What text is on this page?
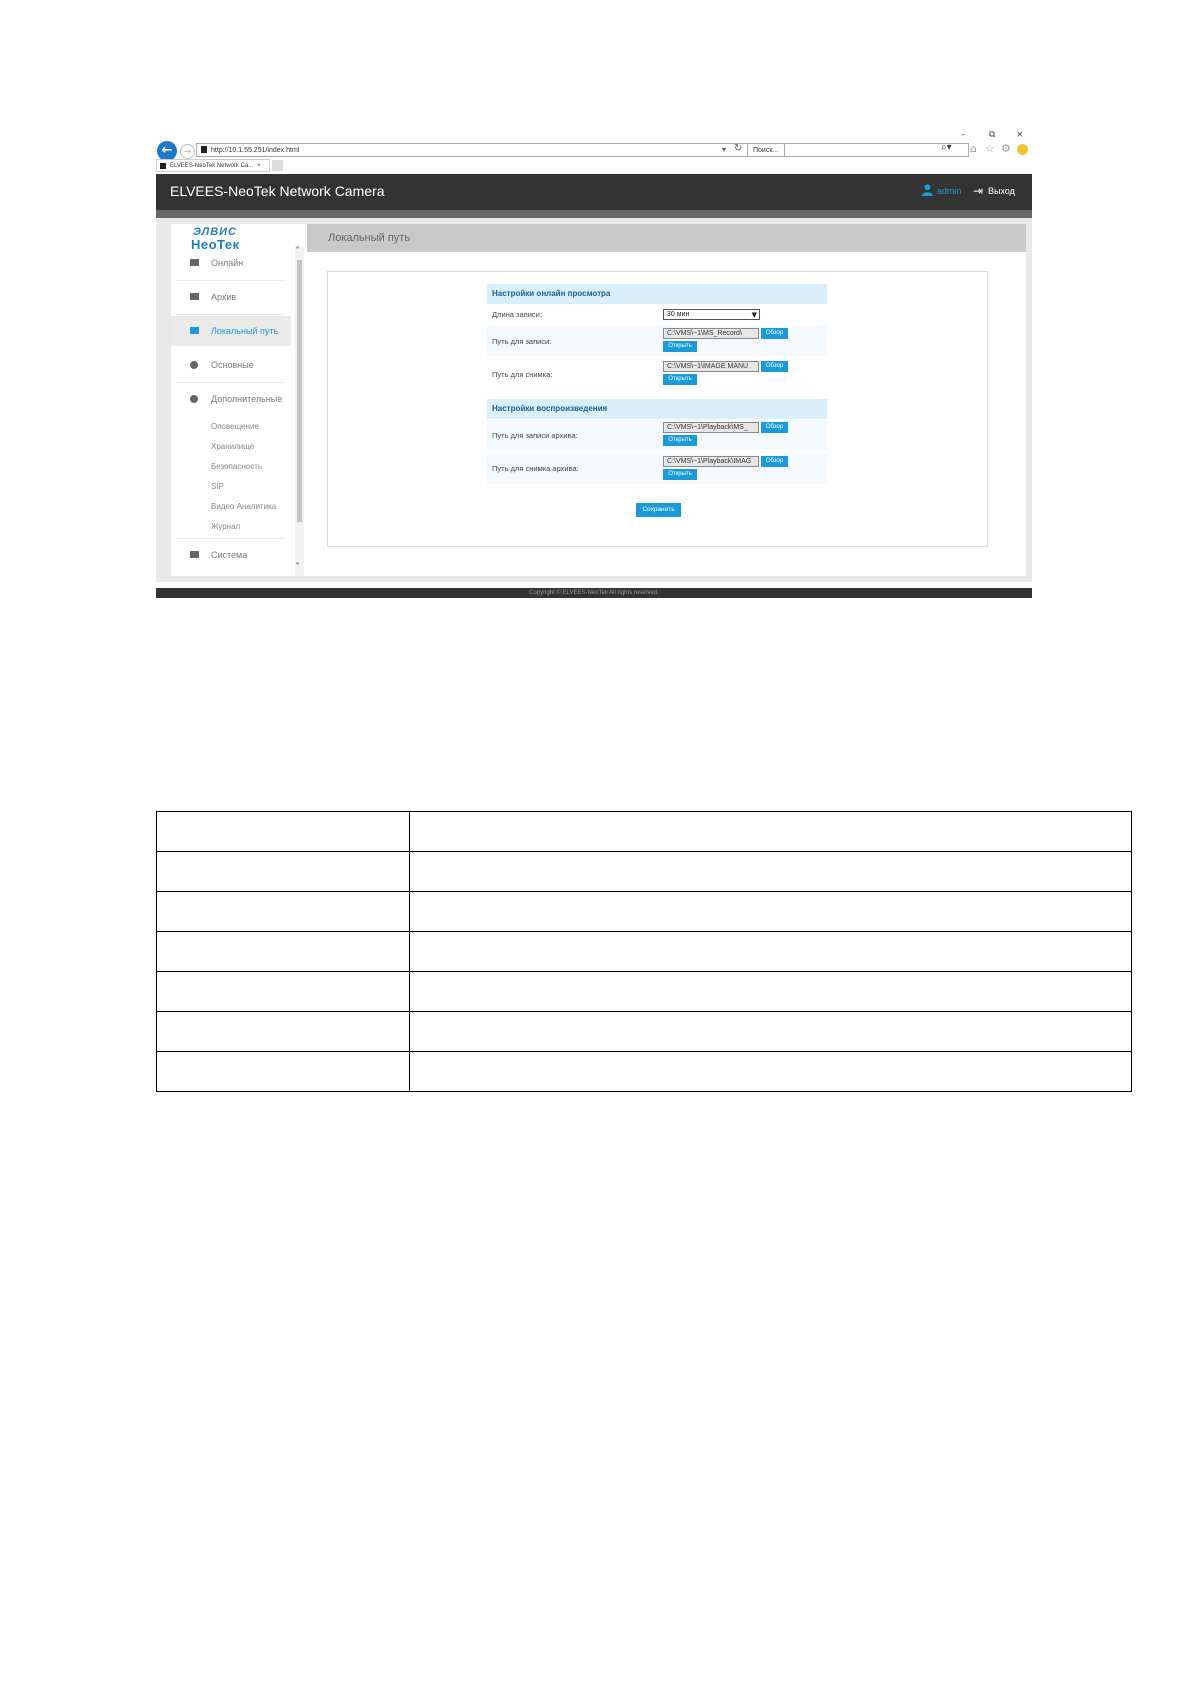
–	⧉ ×
←	→	http://10.1.55.251/index.html	▾ ↻	Поиск...	⌕▾ ⌂ ☆ ⚙
ELVEES-NeoTek Network Ca... ×
ELVEES-NeoTek Network Camera	admin ⇥ Выход
ЭЛВИС
НеоТек
Онлайн
Архив
Локальный путь
Основные
Дополнительные
Оповещение
Хранилище
Безопасность
SIP
Видео Аналитика
Журнал
Система
˄
˅
Локальный путь
Настройки онлайн просмотра
Длина записи:	30 мин	▼
Путь для записи:
C:\VMS\~1\MS_Record\	Обзор
Открыть
Путь для снимка:
C:\VMS\~1\IMAGE MANU	Обзор
Открыть
Настройки воспроизведения
Путь для записи архива:
C:\VMS\~1\Playback\MS_	Обзор
Открыть
Путь для снимка архива:
C:\VMS\~1\Playback\IMAG	Обзор
Открыть
Сохранить
Copyright © ELVEES-NeoTek All rights reserved.
